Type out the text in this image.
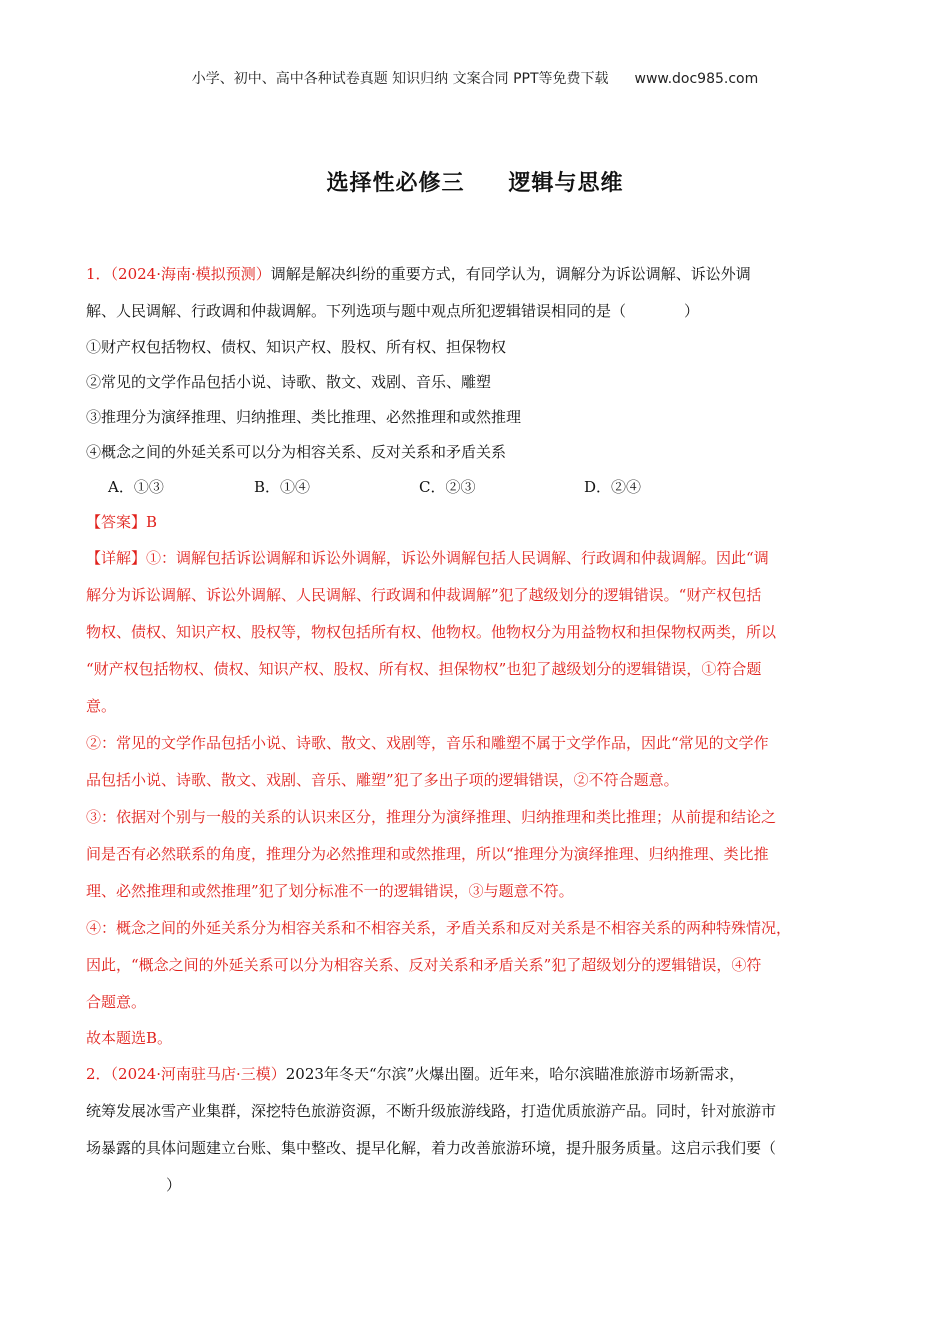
小学、初中、高中各种试卷真题 知识归纳 文案合同 PPT等免费下载 www.doc985.com
选择性必修三 逻辑与思维
1．（2024·海南·模拟预测）调解是解决纠纷的重要方式，有同学认为，调解分为诉讼调解、诉讼外调
解、人民调解、行政调和仲裁调解。下列选项与题中观点所犯逻辑错误相同的是（	）
①财产权包括物权、债权、知识产权、股权、所有权、担保物权
②常见的文学作品包括小说、诗歌、散文、戏剧、音乐、雕塑
③推理分为演绎推理、归纳推理、类比推理、必然推理和或然推理
④概念之间的外延关系可以分为相容关系、反对关系和矛盾关系
A．①③	B．①④	C．②③	D．②④
【答案】B
【详解】①：调解包括诉讼调解和诉讼外调解，诉讼外调解包括人民调解、行政调和仲裁调解。因此“调
解分为诉讼调解、诉讼外调解、人民调解、行政调和仲裁调解”犯了越级划分的逻辑错误。“财产权包括
物权、债权、知识产权、股权等，物权包括所有权、他物权。他物权分为用益物权和担保物权两类，所以
“财产权包括物权、债权、知识产权、股权、所有权、担保物权”也犯了越级划分的逻辑错误，①符合题
意。
②：常见的文学作品包括小说、诗歌、散文、戏剧等，音乐和雕塑不属于文学作品，因此“常见的文学作
品包括小说、诗歌、散文、戏剧、音乐、雕塑”犯了多出子项的逻辑错误，②不符合题意。
③：依据对个别与一般的关系的认识来区分，推理分为演绎推理、归纳推理和类比推理；从前提和结论之
间是否有必然联系的角度，推理分为必然推理和或然推理，所以“推理分为演绎推理、归纳推理、类比推
理、必然推理和或然推理”犯了划分标准不一的逻辑错误，③与题意不符。
④：概念之间的外延关系分为相容关系和不相容关系，矛盾关系和反对关系是不相容关系的两种特殊情况，
因此，“概念之间的外延关系可以分为相容关系、反对关系和矛盾关系”犯了超级划分的逻辑错误，④符
合题意。
故本题选B。
2．（2024·河南驻马店·三模）2023年冬天“尔滨”火爆出圈。近年来，哈尔滨瞄准旅游市场新需求，
统筹发展冰雪产业集群，深挖特色旅游资源，不断升级旅游线路，打造优质旅游产品。同时，针对旅游市
场暴露的具体问题建立台账、集中整改、提早化解，着力改善旅游环境，提升服务质量。这启示我们要（
）
